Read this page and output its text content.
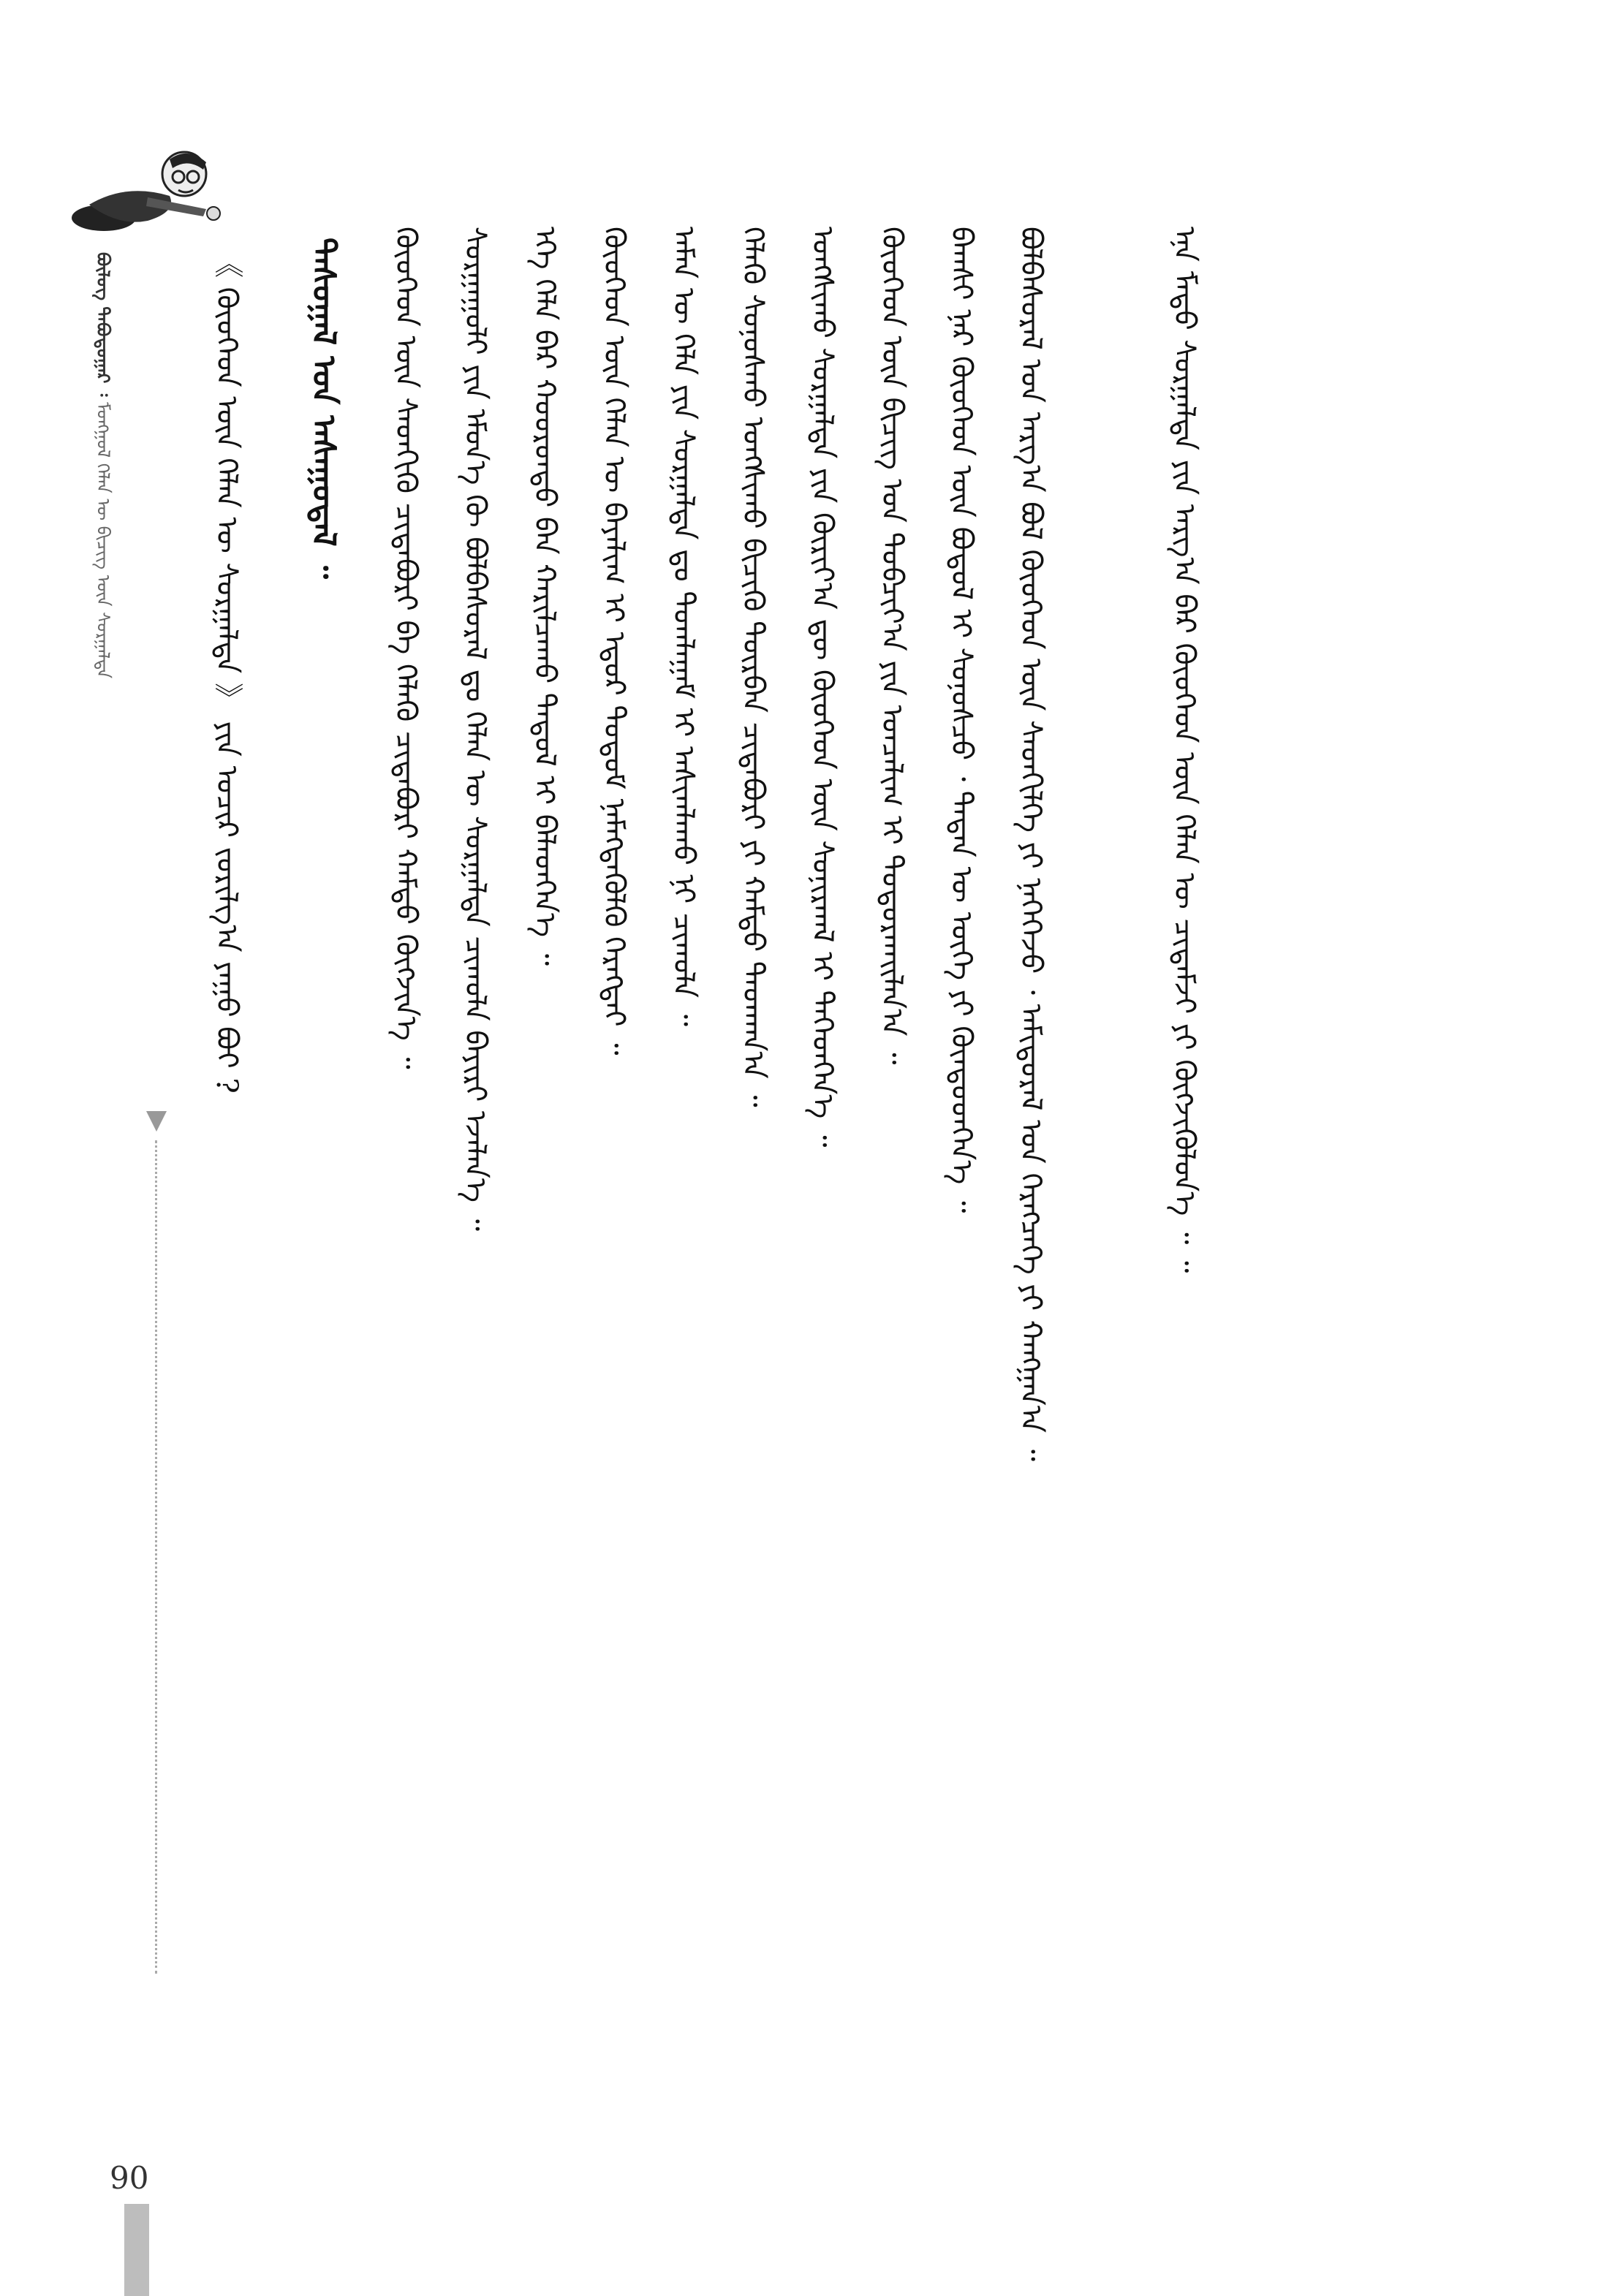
90
ᠪᠦᠯᠦᠭ ᠲᠠᠪᠤᠳᠤᠭᠠᠷ ᠄ ᠮᠣᠩᠭᠣᠯ ᠬᠡᠯᠡᠨ ᠦ ᠪᠢᠴᠢᠭ ᠦᠨ ᠰᠤᠷᠭᠠᠯᠲᠠ	《 ᠬᠦᠦᠬᠡᠳ ᠦᠨ ᠬᠡᠯᠡᠨ ᠦ ᠰᠤᠷᠭᠠᠯᠲᠠ 》 ᠶᠢᠨ ᠤᠴᠢᠷ ᠵᠣᠷᠢᠯᠭ᠎ᠠ ᠶᠠᠭᠤ ᠪᠤᠢ ? ᠳᠠᠰᠤᠭᠠᠯ ᠤᠨ ᠠᠰᠠᠭᠤᠳᠠᠯ ᠃ ᠬᠦᠦᠬᠡᠳ ᠦᠨ ᠰᠡᠳᠬᠢᠬᠦ ᠴᠢᠳᠠᠪᠤᠷᠢ ᠪᠠ ᠬᠡᠯᠡᠬᠦ ᠴᠢᠳᠠᠪᠤᠷᠢ ᠬᠠᠮᠲᠤ ᠬᠥᠭᠵᠢᠨ᠎ᠡ ᠃ ᠰᠤᠷᠭᠠᠭᠤᠯᠢ ᠶᠢᠨ ᠡᠮᠦᠨ᠎ᠡ ᠬᠦ ᠪᠣᠯᠪᠠᠰᠤᠷᠠᠯ ᠳᠤ ᠬᠡᠯᠡᠨ ᠦ ᠰᠤᠷᠭᠠᠯᠲᠠ ᠴᠢᠬᠤᠯᠠ ᠪᠠᠶᠢᠷᠢ ᠡᠵᠡᠯᠡᠨ᠎ᠡ ᠃ ᠡᠬᠡ ᠬᠡᠯᠡ ᠪᠡᠷ ᠬᠣᠣᠷᠣᠨᠳᠣ ᠪᠠᠨ ᠬᠠᠷᠢᠯᠴᠠᠬᠤ ᠳᠠᠳᠤᠯ ᠢ ᠪᠡᠯᠡᠳᠬᠡᠨ᠎ᠡ ᠃ ᠬᠦᠦᠬᠡᠳ ᠦᠨ ᠬᠡᠯᠡᠨ ᠦ ᠪᠠᠶᠠᠯᠢᠭ ᠢ ᠡᠳᠦᠷ ᠲᠤᠲᠤᠮ ᠨᠡᠮᠡᠭᠳᠡᠭᠦᠯᠬᠦ ᠬᠡᠷᠡᠭᠲᠡᠶ ᠃ ᠠᠮᠠᠨ ᠦ ᠬᠡᠯᠡ ᠶᠢᠨ ᠰᠤᠷᠭᠠᠯᠲᠠ ᠳᠤ ᠲᠣᠭᠯᠠᠭᠠᠮ ᠢ ᠠᠰᠢᠭᠯᠠᠬᠤ ᠨᠢ ᠴᠢᠬᠤᠯᠠ ᠃ ᠬᠡᠯᠡᠬᠦ ᠰᠣᠨᠣᠰᠬᠤ ᠤᠨᠭᠰᠢᠬᠤ ᠪᠢᠴᠢᠬᠦ ᠳᠦᠷᠪᠡᠨ ᠴᠢᠳᠠᠪᠤᠷᠢ ᠶᠢ ᠬᠠᠮᠲᠤ ᠳᠠᠳᠬᠠᠨ᠎ᠠ ᠃ ᠤᠨᠭᠰᠢᠬᠤ ᠰᠤᠷᠭᠠᠯᠲᠠ ᠶᠢᠨ ᠬᠦᠷᠢᠶ᠎ᠡᠨ ᠳᠦ ᠬᠦᠦᠬᠡᠳ ᠦᠨ ᠰᠣᠨᠢᠷᠬᠠᠯ ᠢ ᠳᠡᠭᠡᠳᠭᠡᠨ᠎ᠡ ᠃ ᠬᠦᠦᠬᠡᠳ ᠦᠨ ᠪᠢᠴᠢᠭ᠌ ᠤᠨ ᠲᠣᠪᠴᠢᠶ᠎ᠠ ᠶᠢᠨ ᠣᠨᠴᠠᠯᠢᠭ ᠢ ᠲᠣᠳᠣᠷᠬᠠᠢᠯᠠᠨ᠎ᠠ ᠃ ᠪᠠᠭᠰᠢ ᠨᠠᠷ ᠬᠦᠦᠬᠡᠳ ᠦᠨ ᠪᠣᠳᠣᠯ ᠢ ᠰᠣᠨᠣᠰᠴᠤ ᠂ ᠲᠡᠳᠡᠨ ᠦ ᠦᠭᠡ ᠶᠢ ᠬᠦᠨᠳᠦᠳᠬᠡᠨ᠎ᠡ ᠃ ᠪᠣᠯᠪᠠᠰᠤᠷᠠᠯ ᠤᠨ ᠠᠷᠭ᠎ᠠ ᠪᠣᠯ ᠬᠦᠦᠬᠡᠳ ᠦᠨ ᠰᠡᠳᠬᠢᠯᠭᠡ ᠶᠢ ᠨᠡᠭᠡᠭᠡᠵᠦ ᠂ ᠠᠮᠢᠳᠤᠷᠠᠯ ᠤᠨ ᠬᠡᠷᠡᠭᠴᠡᠭᠡ ᠶᠢ ᠬᠠᠩᠭᠠᠨ᠎ᠠ ᠃	ᠡᠨᠡ ᠮᠡᠲᠦ ᠰᠤᠷᠭᠠᠯᠲᠠ ᠶᠢᠨ ᠠᠷᠭ᠎ᠠ ᠪᠠᠷ ᠬᠦᠦᠬᠡᠳ ᠦᠨ ᠬᠡᠯᠡᠨ ᠦ ᠴᠢᠳᠠᠮᠵᠢ ᠶᠢ ᠬᠥᠭᠵᠢᠭᠦᠯᠦᠨ᠎ᠡ ᠃ ᠃
